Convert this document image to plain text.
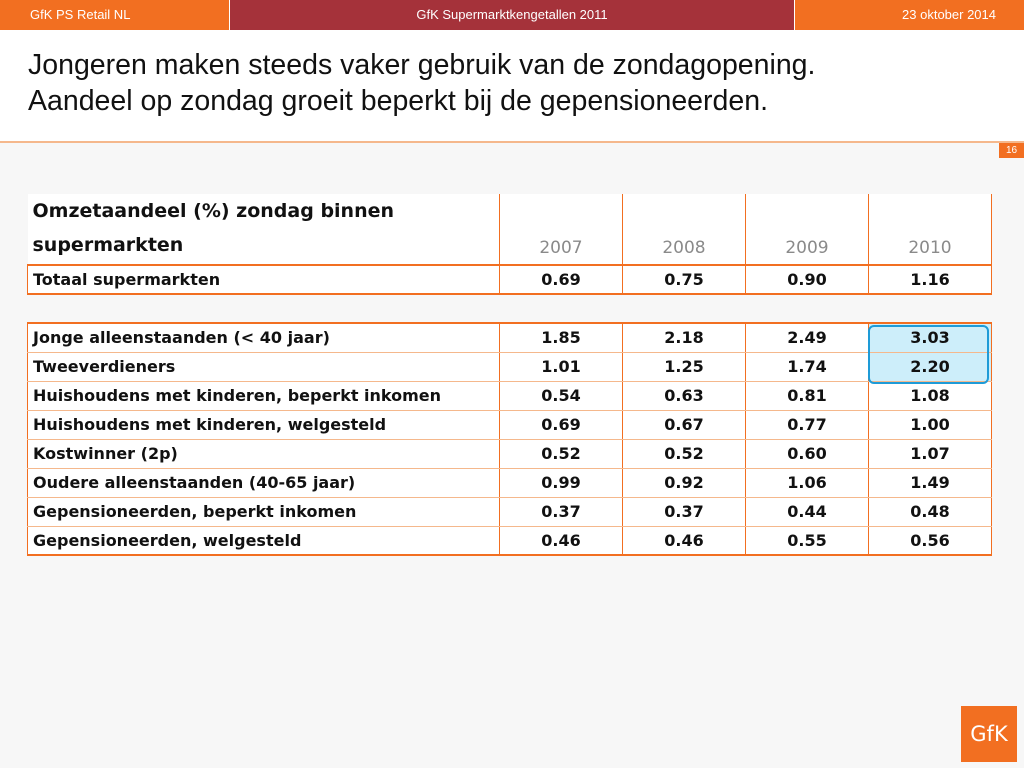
GfK PS Retail NL	GfK Supermarktkengetallen 2011	23 oktober 2014
Jongeren maken steeds vaker gebruik van de zondagopening.
Aandeel op zondag groeit beperkt bij de gepensioneerden.
16
Omzetaandeel (%) zondag binnen
supermarkten	2007	2008	2009	2010
Totaal supermarkten	0.69	0.75	0.90	1.16

Jonge alleenstaanden (< 40 jaar)	1.85	2.18	2.49	3.03
Tweeverdieners	1.01	1.25	1.74	2.20
Huishoudens met kinderen, beperkt inkomen	0.54	0.63	0.81	1.08
Huishoudens met kinderen, welgesteld	0.69	0.67	0.77	1.00
Kostwinner (2p)	0.52	0.52	0.60	1.07
Oudere alleenstaanden (40-65 jaar)	0.99	0.92	1.06	1.49
Gepensioneerden, beperkt inkomen	0.37	0.37	0.44	0.48
Gepensioneerden, welgesteld	0.46	0.46	0.55	0.56
GfK
